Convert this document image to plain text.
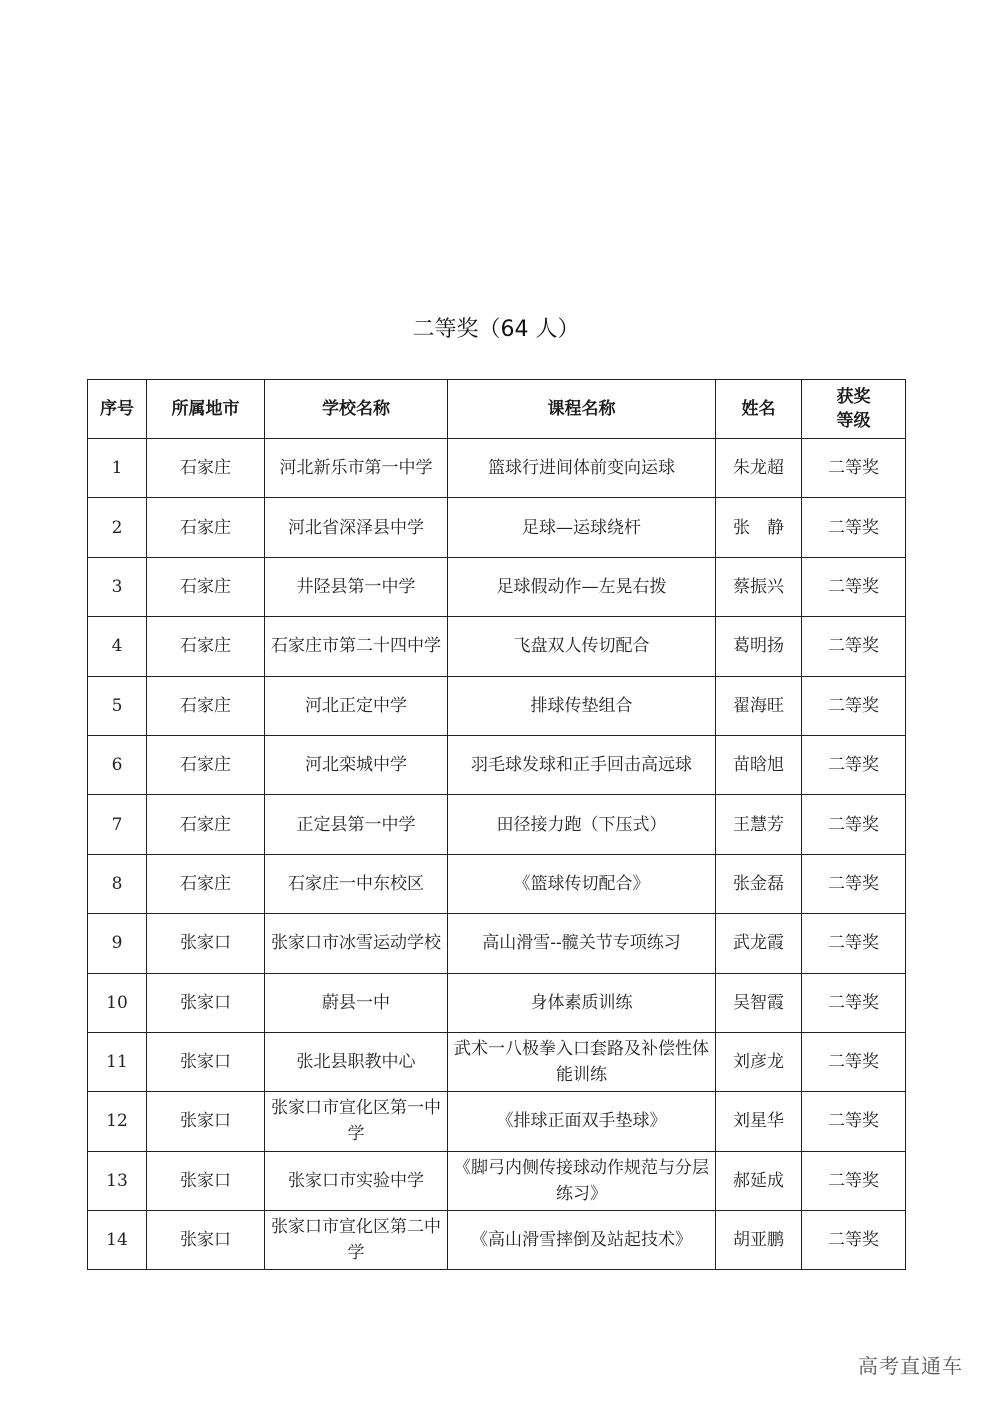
二等奖（64 人）
序号	所属地市	学校名称	课程名称	姓名	获奖
等级
1	石家庄	河北新乐市第一中学	篮球行进间体前变向运球	朱龙超	二等奖
2	石家庄	河北省深泽县中学	足球—运球绕杆	张　静	二等奖
3	石家庄	井陉县第一中学	足球假动作—左晃右拨	蔡振兴	二等奖
4	石家庄	石家庄市第二十四中学	飞盘双人传切配合	葛明扬	二等奖
5	石家庄	河北正定中学	排球传垫组合	翟海旺	二等奖
6	石家庄	河北栾城中学	羽毛球发球和正手回击高远球	苗晗旭	二等奖
7	石家庄	正定县第一中学	田径接力跑（下压式）	王慧芳	二等奖
8	石家庄	石家庄一中东校区	《篮球传切配合》	张金磊	二等奖
9	张家口	张家口市冰雪运动学校	高山滑雪--髋关节专项练习	武龙霞	二等奖
10	张家口	蔚县一中	身体素质训练	吴智霞	二等奖
11	张家口	张北县职教中心	武术一八极拳入口套路及补偿性体能训练	刘彦龙	二等奖
12	张家口	张家口市宣化区第一中学	《排球正面双手垫球》	刘星华	二等奖
13	张家口	张家口市实验中学	《脚弓内侧传接球动作规范与分层练习》	郝延成	二等奖
14	张家口	张家口市宣化区第二中学	《高山滑雪摔倒及站起技术》	胡亚鹏	二等奖
高考直通车
